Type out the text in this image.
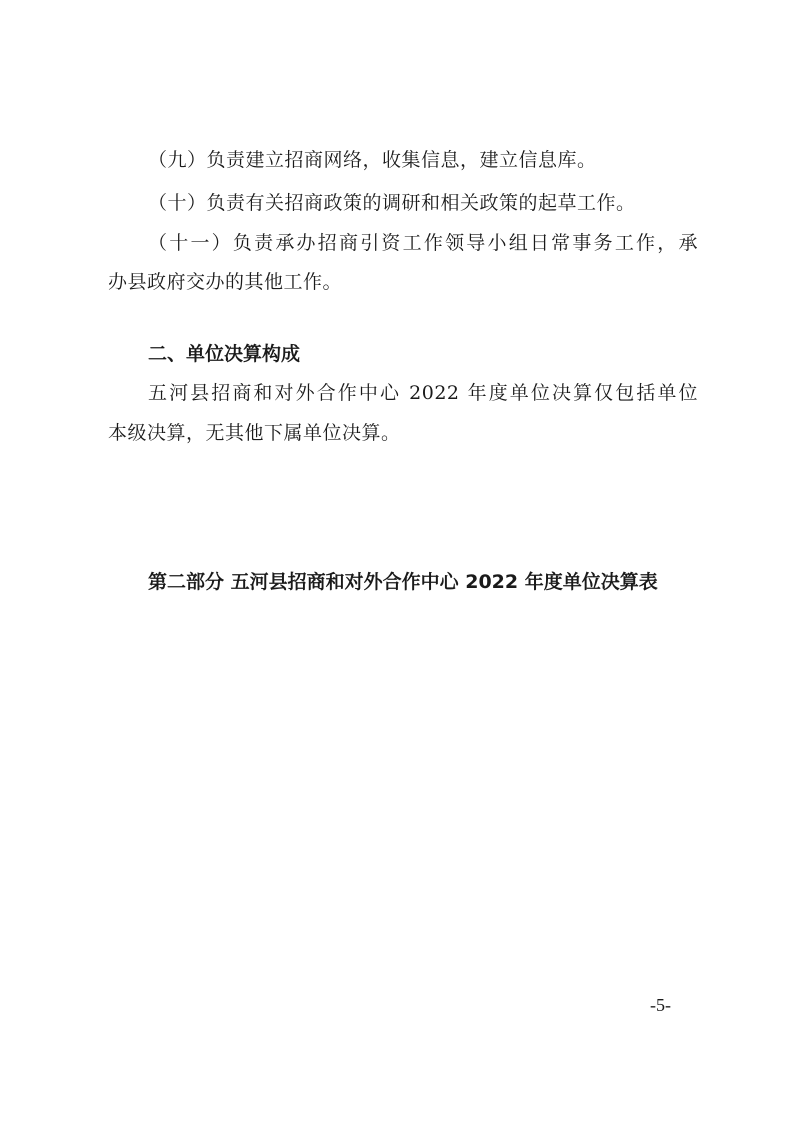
（九）负责建立招商网络，收集信息，建立信息库。
（十）负责有关招商政策的调研和相关政策的起草工作。
（十一）负责承办招商引资工作领导小组日常事务工作，承
办县政府交办的其他工作。
二、单位决算构成
五河县招商和对外合作中心 2022 年度单位决算仅包括单位
本级决算，无其他下属单位决算。
第二部分 五河县招商和对外合作中心 2022 年度单位决算表
-5-
